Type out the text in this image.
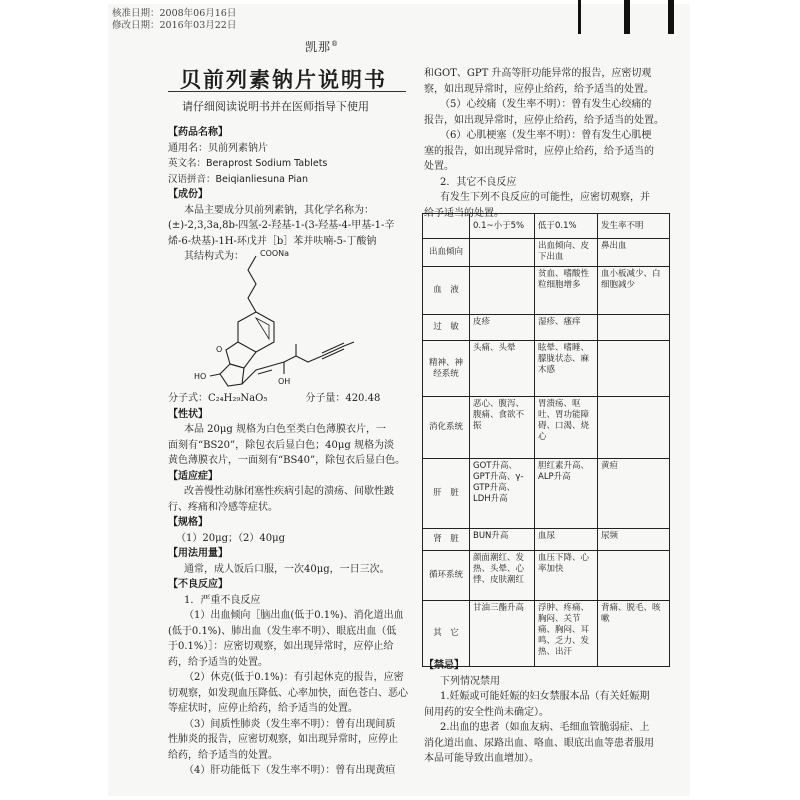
核准日期：2008年06月16日
修改日期：2016年03月22日
凯那®
贝前列素钠片说明书
请仔细阅读说明书并在医师指导下使用

【药品名称】

通用名：贝前列素钠片

英文名：Beraprost Sodium Tablets

汉语拼音：Beiqianliesuna Pian

【成份】

本品主要成分贝前列素钠，其化学名称为：

(±)-2,3,3a,8b-四氢-2-羟基-1-(3-羟基-4-甲基-1-辛

烯-6-炔基)-1H-环戊并［b］苯并呋喃-5-丁酸钠

其结构式为：	COONa
HO
OH
O

分子式：C₂₄H₂₉NaO₅	分子量：420.48

【性状】

本品 20μg 规格为白色至类白色薄膜衣片，一

面刻有“BS20”，除包衣后显白色；40μg 规格为淡

黄色薄膜衣片，一面刻有“BS40”，除包衣后显白色。

【适应症】

改善慢性动脉闭塞性疾病引起的溃疡、间歇性跛

行、疼痛和冷感等症状。

【规格】

（1）20μg；（2）40μg

【用法用量】

通常，成人饭后口服，一次40μg，一日三次。

【不良反应】

1．严重不良反应

（1）出血倾向［脑出血(低于0.1%)、消化道出血

(低于0.1%)、肺出血（发生率不明）、眼底出血（低

于0.1%）］：应密切观察，如出现异常时，应停止给

药，给予适当的处置。

（2）休克(低于0.1%)：有引起休克的报告，应密

切观察，如发现血压降低、心率加快，面色苍白、恶心

等症状时，应停止给药，给予适当的处置。

（3）间质性肺炎（发生率不明）：曾有出现间质

性肺炎的报告，应密切观察，如出现异常时，应停止

给药，给予适当的处置。

（4）肝功能低下（发生率不明）：曾有出现黄疸

和GOT、GPT 升高等肝功能异常的报告，应密切观

察，如出现异常时，应停止给药，给予适当的处置。

（5）心绞痛（发生率不明）：曾有发生心绞痛的

报告，如出现异常时，应停止给药，给予适当的处置。

（6）心肌梗塞（发生率不明）：曾有发生心肌梗

塞的报告，如出现异常时，应停止给药，给予适当的

处置。

2．其它不良反应

有发生下列不良反应的可能性，应密切观察，并

给予适当的处置。

	0.1~小于5%	低于0.1%	发生率不明
出血倾向		出血倾向、皮下出血	鼻出血
血　液		贫血、嗜酸性粒细胞增多	血小板减少、白细胞减少
过　敏	皮疹	湿疹、瘙痒	
精神、神经系统	头痛、头晕	眩晕、嗜睡、朦胧状态、麻木感	
消化系统	恶心、腹泻、腹痛、食欲不振	胃溃疡、呕吐、胃功能障碍、口渴、烧心	
肝　脏	GOT升高、GPT升高、γ-GTP升高、LDH升高	胆红素升高、ALP升高	黄疸
肾　脏	BUN升高	血尿	尿频
循环系统	颜面潮红、发热、头晕、心悸、皮肤潮红	血压下降、心率加快	
其　它	甘油三酯升高	浮肿、疼痛、胸闷、关节痛、胸闷、耳鸣、乏力、发热、出汗	背痛、脱毛、咳嗽

【禁忌】

下列情况禁用

1.妊娠或可能妊娠的妇女禁服本品（有关妊娠期

间用药的安全性尚未确定）。

2.出血的患者（如血友病、毛细血管脆弱症、上

消化道出血、尿路出血、咯血、眼底出血等患者服用

本品可能导致出血增加）。
